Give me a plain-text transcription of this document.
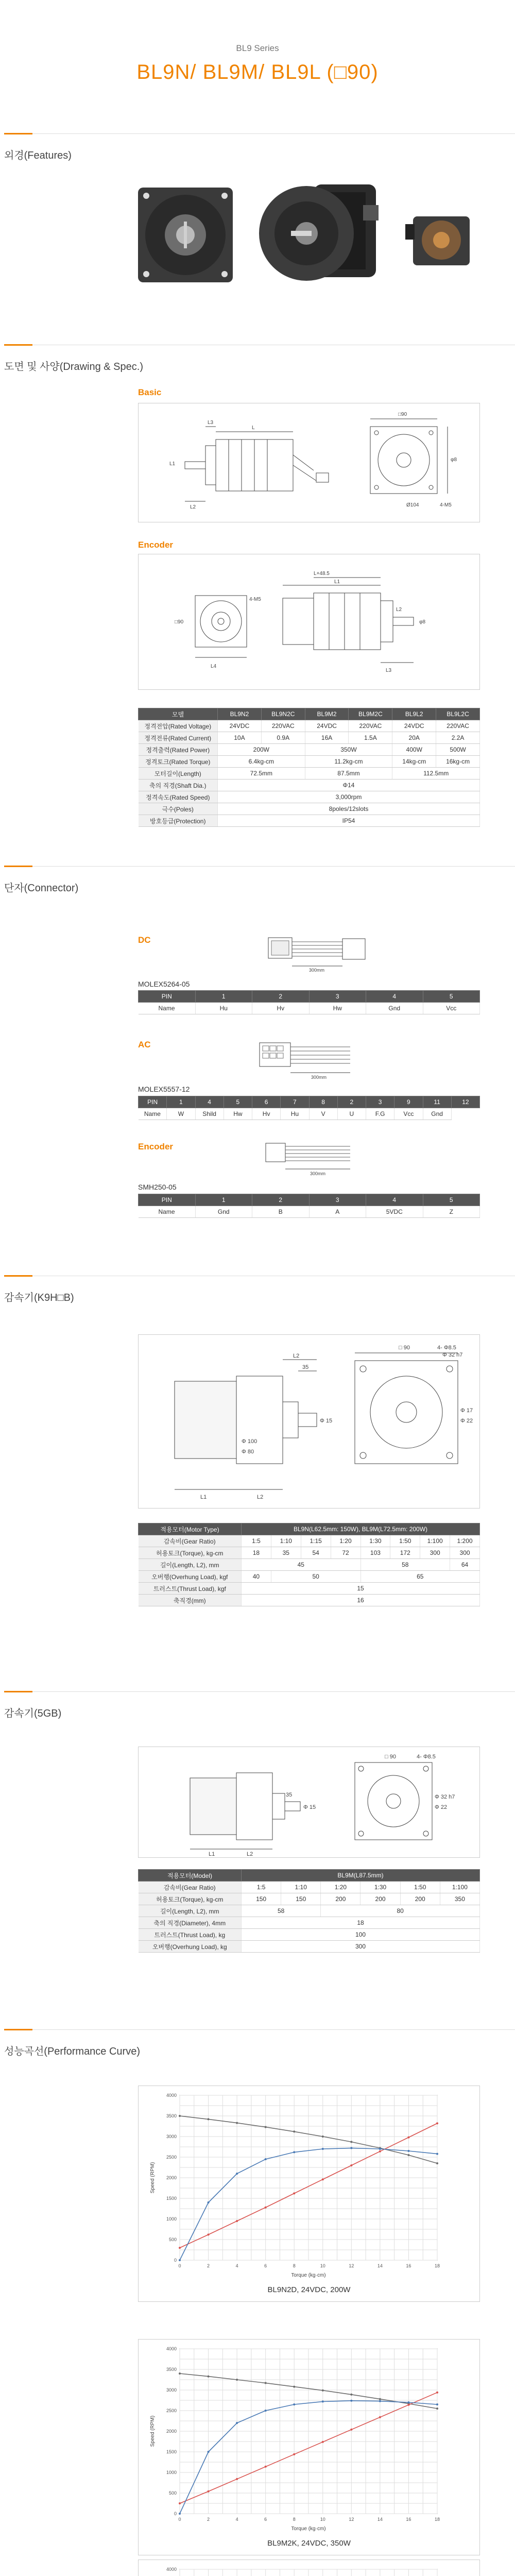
BL9 Series
BL9N/ BL9M/ BL9L (□90)
외경(Features)
도면 및 사양(Drawing & Spec.)
Basic
L
L3
L2
L1
□90
φ8
Ø104	4-M5
Encoder
L4
L+48.5
L3
L2
L1
□90	φ8
4-M5
모델	BL9N2	BL9N2C	BL9M2	BL9M2C	BL9L2	BL9L2C
정격전압(Rated Voltage)	24VDC	220VAC	24VDC	220VAC	24VDC	220VAC
정격전류(Rated Current)	10A	0.9A	16A	1.5A	20A	2.2A
정격출력(Rated Power)	200W		350W		400W	500W
정격토크(Rated Torque)	6.4kg-cm		11.2kg-cm		14kg-cm	16kg-cm
모터길이(Length)	72.5mm		87.5mm		112.5mm	
축의 직경(Shaft Dia.)	Φ14					
정격속도(Rated Speed)	3,000rpm					
극수(Poles)	8poles/12slots					
방호등급(Protection)	IP54					
단자(Connector)
DC
300mm
MOLEX5264-05
PIN	1	2	3	4	5
Name	Hu	Hv	Hw	Gnd	Vcc
AC
300mm
MOLEX5557-12
PIN	1	4	5	6	7	8	2	3	9	11	12
Name	W	Shild	Hw	Hv	Hu	V	U	F.G	Vcc	Gnd	
Encoder
300mm
SMH250-05
PIN	1	2	3	4	5
Name	Gnd	B	A	5VDC	Z
감속기(K9H□B)
L2
L1
35
□ 90	4- Φ8.5
Φ 32 h7
Φ 15
Φ 17
Φ 22
Φ 100
Φ 80
L2
적용모터(Motor Type)	BL9N(L62.5mm: 150W), BL9M(L72.5mm: 200W)							
감속비(Gear Ratio)	1:5	1:10	1:15	1:20	1:30	1:50	1:100	1:200
허용토크(Torque), kg-cm	18	35	54	72	103	172	300	300
길이(Length, L2), mm	45				58			64
오버행(Overhung Load), kgf	40	50			65			
트러스트(Thrust Load), kgf	15							
축직경(mm)	16							
감속기(5GB)
L2
L1
35
□ 90	4- Φ8.5
Φ 15
Φ 32 h7
Φ 22
적용모터(Model)	BL9M(L87.5mm)					
감속비(Gear Ratio)	1:5	1:10	1:20	1:30	1:50	1:100
허용토크(Torque), kg-cm	150	150	200	200	200	350
길이(Length, L2), mm	58		80			
축의 직경(Diameter), 4mm	18					
트러스트(Thrust Load), kg	100					
오버행(Overhung Load), kg	300					
성능곡선(Performance Curve)
0	2	4	6	8	10	12	14	16	18
0
500
1000
1500
2000
2500
3000
3500
4000
Torque (kg·cm)
Speed (RPM)
BL9N2D, 24VDC, 200W
0	2	4	6	8	10	12	14	16	18
0
500
1000
1500
2000
2500
3000
3500
4000
Torque (kg·cm)
Speed (RPM)
BL9M2K, 24VDC, 350W
4000
